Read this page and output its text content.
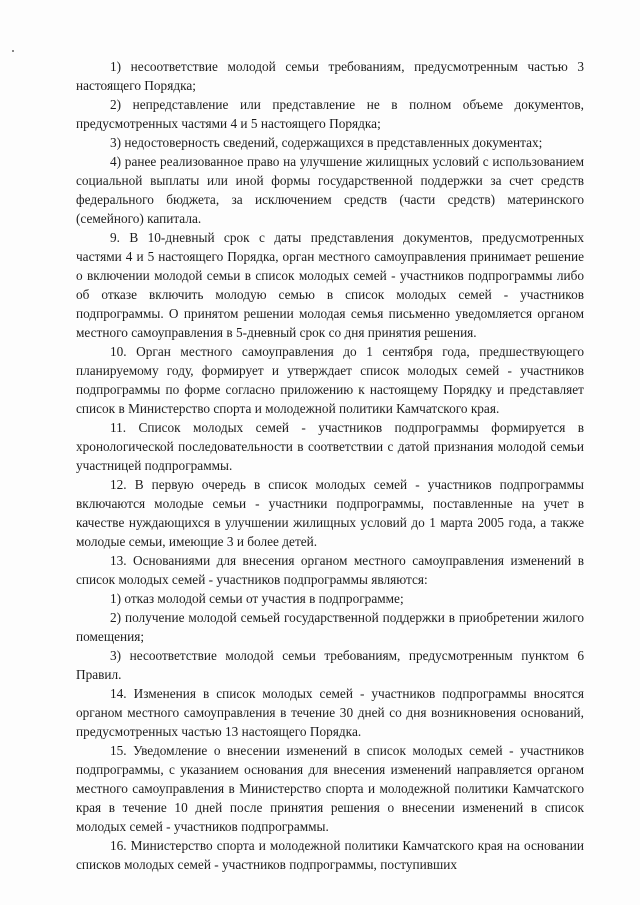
1) несоответствие молодой семьи требованиям, предусмотренным частью 3 настоящего Порядка;

2) непредставление или представление не в полном объеме документов, предусмотренных частями 4 и 5 настоящего Порядка;

3) недостоверность сведений, содержащихся в представленных документах;

4) ранее реализованное право на улучшение жилищных условий с использованием социальной выплаты или иной формы государственной поддержки за счет средств федерального бюджета, за исключением средств (части средств) материнского (семейного) капитала.

9. В 10-дневный срок с даты представления документов, предусмотренных частями 4 и 5 настоящего Порядка, орган местного самоуправления принимает решение о включении молодой семьи в список молодых семей - участников подпрограммы либо об отказе включить молодую семью в список молодых семей - участников подпрограммы. О принятом решении молодая семья письменно уведомляется органом местного самоуправления в 5-дневный срок со дня принятия решения.

10. Орган местного самоуправления до 1 сентября года, предшествующего планируемому году, формирует и утверждает список молодых семей - участников подпрограммы по форме согласно приложению к настоящему Порядку и представляет список в Министерство спорта и молодежной политики Камчатского края.

11. Список молодых семей - участников подпрограммы формируется в хронологической последовательности в соответствии с датой признания молодой семьи участницей подпрограммы.

12. В первую очередь в список молодых семей - участников подпрограммы включаются молодые семьи - участники подпрограммы, поставленные на учет в качестве нуждающихся в улучшении жилищных условий до 1 марта 2005 года, а также молодые семьи, имеющие 3 и более детей.

13. Основаниями для внесения органом местного самоуправления изменений в список молодых семей - участников подпрограммы являются:

1) отказ молодой семьи от участия в подпрограмме;

2) получение молодой семьей государственной поддержки в приобретении жилого помещения;

3) несоответствие молодой семьи требованиям, предусмотренным пунктом 6 Правил.

14. Изменения в список молодых семей - участников подпрограммы вносятся органом местного самоуправления в течение 30 дней со дня возникновения оснований, предусмотренных частью 13 настоящего Порядка.

15. Уведомление о внесении изменений в список молодых семей - участников подпрограммы, с указанием основания для внесения изменений направляется органом местного самоуправления в Министерство спорта и молодежной политики Камчатского края в течение 10 дней после принятия решения о внесении изменений в список молодых семей - участников подпрограммы.

16. Министерство спорта и молодежной политики Камчатского края на основании списков молодых семей - участников подпрограммы, поступивших
